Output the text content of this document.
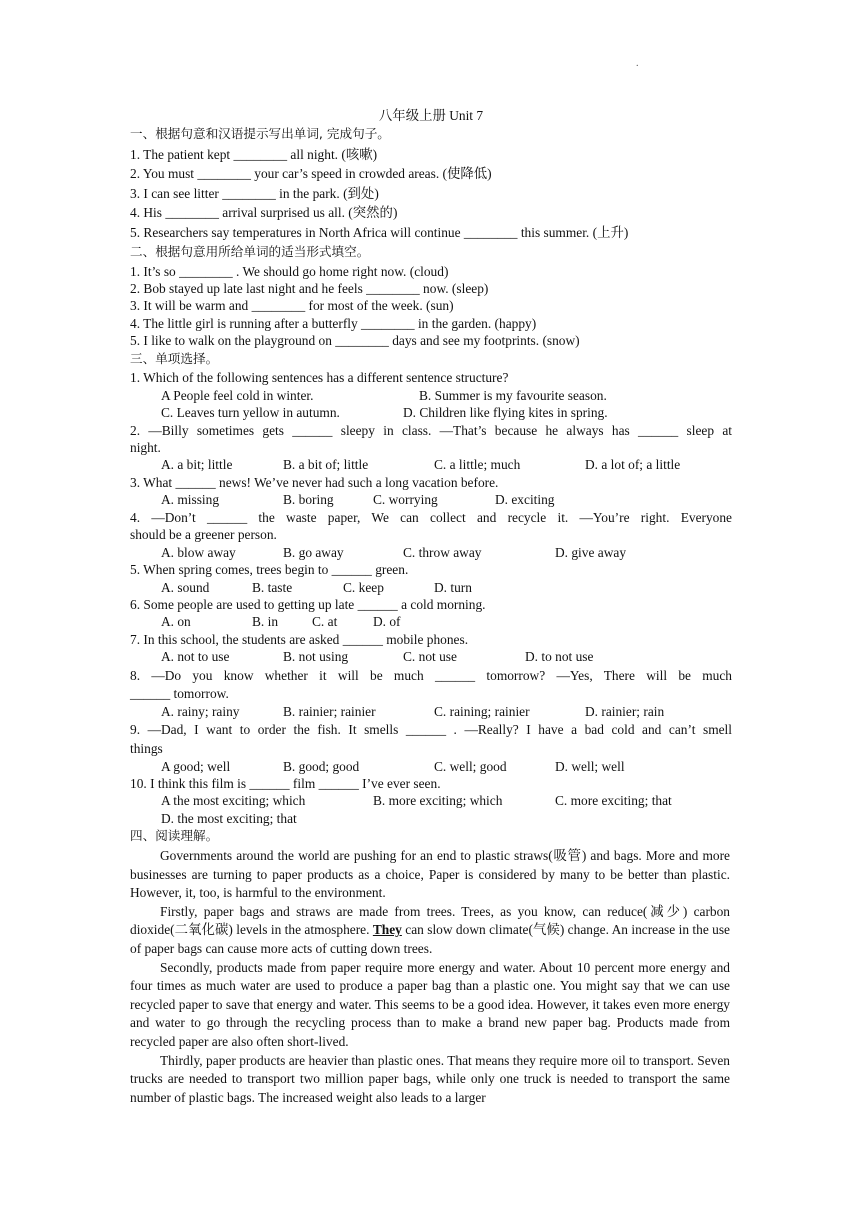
.
八年级上册 Unit 7
一、根据句意和汉语提示写出单词, 完成句子。
1. The patient kept ________ all night. (咳嗽)
2. You must ________ your car’s speed in crowded areas. (使降低)
3. I can see litter ________ in the park. (到处)
4. His ________ arrival surprised us all. (突然的)
5. Researchers say temperatures in North Africa will continue ________ this summer. (上升)
二、根据句意用所给单词的适当形式填空。
1. It’s so ________ . We should go home right now. (cloud)
2. Bob stayed up late last night and he feels ________ now. (sleep)
3. It will be warm and ________ for most of the week. (sun)
4. The little girl is running after a butterfly ________ in the garden. (happy)
5. I like to walk on the playground on ________ days and see my footprints. (snow)
三、单项选择。
1. Which of the following sentences has a different sentence structure?
A People feel cold in winter.	B. Summer is my favourite season.
C. Leaves turn yellow in autumn.	D. Children like flying kites in spring.
2. —Billy sometimes gets ______ sleepy in class. —That’s because he always has ______ sleep at
night.
A. a bit; little	B. a bit of; little	C. a little; much	D. a lot of; a little
3. What ______ news! We’ve never had such a long vacation before.
A. missing	B. boring	C. worrying	D. exciting
4. —Don’t ______ the waste paper, We can collect and recycle it. —You’re right. Everyone
should be a greener person.
A. blow away	B. go away	C. throw away	D. give away
5. When spring comes, trees begin to ______ green.
A. sound	B. taste	C. keep	D. turn
6. Some people are used to getting up late ______ a cold morning.
A. on	B. in	C. at	D. of
7. In this school, the students are asked ______ mobile phones.
A. not to use	B. not using	C. not use	D. to not use
8. —Do you know whether it will be much ______ tomorrow? —Yes, There will be much
______ tomorrow.
A. rainy; rainy	B. rainier; rainier	C. raining; rainier	D. rainier; rain
9. —Dad, I want to order the fish. It smells ______ . —Really? I have a bad cold and can’t smell
things
A good; well	B. good; good	C. well; good	D. well; well
10. I think this film is ______ film ______ I’ve ever seen.
A the most exciting; which	B. more exciting; which	C. more exciting; that
D. the most exciting; that
四、阅读理解。

Governments around the world are pushing for an end to plastic straws(吸管) and bags. More and more businesses are turning to paper products as a choice, Paper is considered by many to be better than plastic. However, it, too, is harmful to the environment.

Firstly, paper bags and straws are made from trees. Trees, as you know, can reduce(减少) carbon dioxide(二氧化碳) levels in the atmosphere. They can slow down climate(气候) change. An increase in the use of paper bags can cause more acts of cutting down trees.

Secondly, products made from paper require more energy and water. About 10 percent more energy and four times as much water are used to produce a paper bag than a plastic one. You might say that we can use recycled paper to save that energy and water. This seems to be a good idea. However, it takes even more energy and water to go through the recycling process than to make a brand new paper bag. Products made from recycled paper are also often short-lived.

Thirdly, paper products are heavier than plastic ones. That means they require more oil to transport. Seven trucks are needed to transport two million paper bags, while only one truck is needed to transport the same number of plastic bags. The increased weight also leads to a larger
